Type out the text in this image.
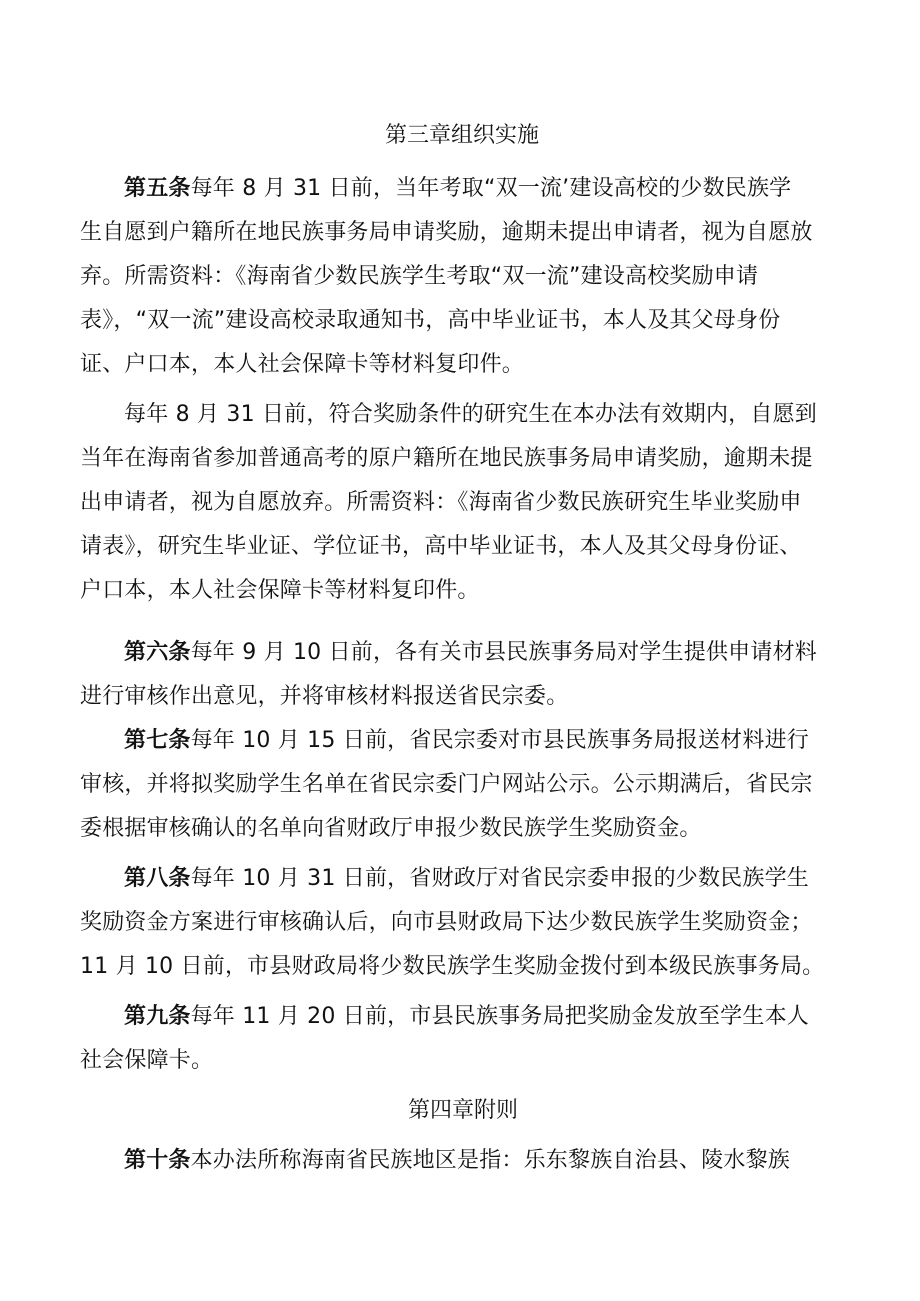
第三章组织实施
第五条每年 8 月 31 日前，当年考取“双一流’建设高校的少数民族学
生自愿到户籍所在地民族事务局申请奖励，逾期未提出申请者，视为自愿放
弃。所需资料：《海南省少数民族学生考取“双一流”建设高校奖励申请
表》，“双一流”建设高校录取通知书，高中毕业证书，本人及其父母身份
证、户口本，本人社会保障卡等材料复印件。
每年 8 月 31 日前，符合奖励条件的研究生在本办法有效期内，自愿到
当年在海南省参加普通高考的原户籍所在地民族事务局申请奖励，逾期未提
出申请者，视为自愿放弃。所需资料：《海南省少数民族研究生毕业奖励申
请表》，研究生毕业证、学位证书，高中毕业证书，本人及其父母身份证、
户口本，本人社会保障卡等材料复印件。
第六条每年 9 月 10 日前，各有关市县民族事务局对学生提供申请材料
进行审核作出意见，并将审核材料报送省民宗委。
第七条每年 10 月 15 日前，省民宗委对市县民族事务局报送材料进行
审核，并将拟奖励学生名单在省民宗委门户网站公示。公示期满后，省民宗
委根据审核确认的名单向省财政厅申报少数民族学生奖励资金。
第八条每年 10 月 31 日前，省财政厅对省民宗委申报的少数民族学生
奖励资金方案进行审核确认后，向市县财政局下达少数民族学生奖励资金；
11 月 10 日前，市县财政局将少数民族学生奖励金拨付到本级民族事务局。
第九条每年 11 月 20 日前，市县民族事务局把奖励金发放至学生本人
社会保障卡。
第四章附则
第十条本办法所称海南省民族地区是指：乐东黎族自治县、陵水黎族
